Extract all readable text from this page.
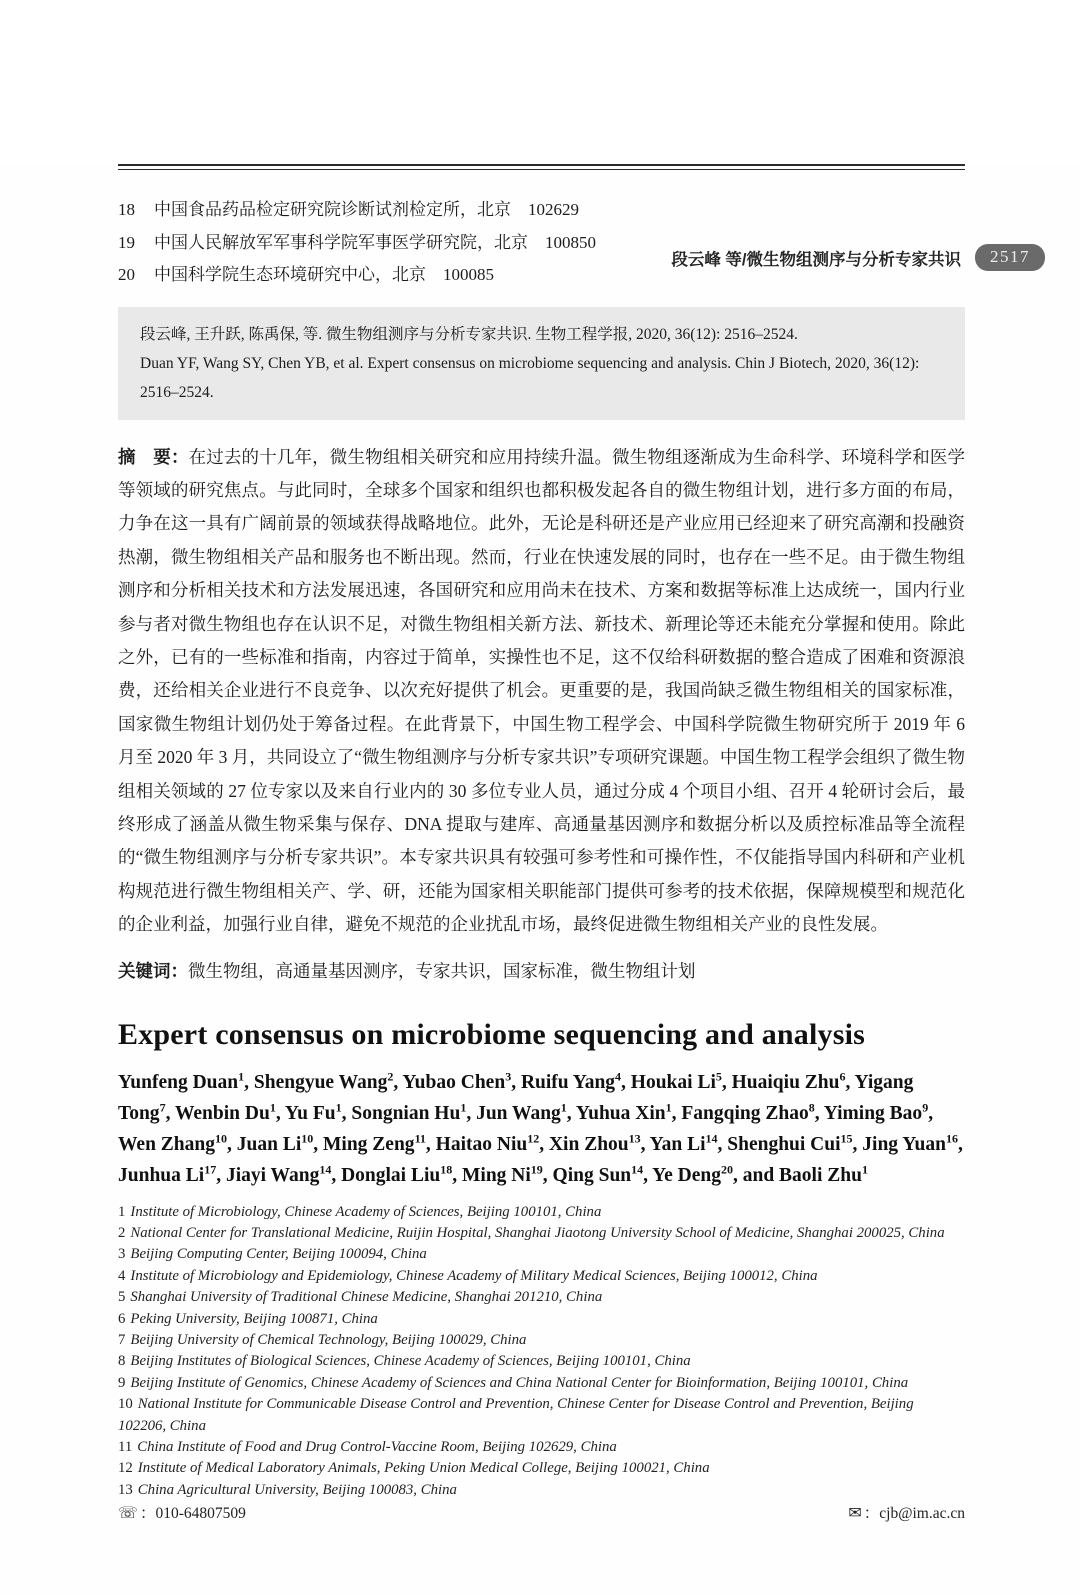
段云峰 等/微生物组测序与分析专家共识	2517
18 中国食品药品检定研究院诊断试剂检定所，北京　102629
19 中国人民解放军军事科学院军事医学研究院，北京　100850
20 中国科学院生态环境研究中心，北京　100085

段云峰, 王升跃, 陈禹保, 等. 微生物组测序与分析专家共识. 生物工程学报, 2020, 36(12): 2516–2524.

Duan YF, Wang SY, Chen YB, et al. Expert consensus on microbiome sequencing and analysis. Chin J Biotech, 2020, 36(12): 2516–2524.

摘　要：在过去的十几年，微生物组相关研究和应用持续升温。微生物组逐渐成为生命科学、环境科学和医学等领域的研究焦点。与此同时，全球多个国家和组织也都积极发起各自的微生物组计划，进行多方面的布局，力争在这一具有广阔前景的领域获得战略地位。此外，无论是科研还是产业应用已经迎来了研究高潮和投融资热潮，微生物组相关产品和服务也不断出现。然而，行业在快速发展的同时，也存在一些不足。由于微生物组测序和分析相关技术和方法发展迅速，各国研究和应用尚未在技术、方案和数据等标准上达成统一，国内行业参与者对微生物组也存在认识不足，对微生物组相关新方法、新技术、新理论等还未能充分掌握和使用。除此之外，已有的一些标准和指南，内容过于简单，实操性也不足，这不仅给科研数据的整合造成了困难和资源浪费，还给相关企业进行不良竞争、以次充好提供了机会。更重要的是，我国尚缺乏微生物组相关的国家标准，国家微生物组计划仍处于筹备过程。在此背景下，中国生物工程学会、中国科学院微生物研究所于 2019 年 6 月至 2020 年 3 月，共同设立了“微生物组测序与分析专家共识”专项研究课题。中国生物工程学会组织了微生物组相关领域的 27 位专家以及来自行业内的 30 多位专业人员，通过分成 4 个项目小组、召开 4 轮研讨会后，最终形成了涵盖从微生物采集与保存、DNA 提取与建库、高通量基因测序和数据分析以及质控标准品等全流程的“微生物组测序与分析专家共识”。本专家共识具有较强可参考性和可操作性，不仅能指导国内科研和产业机构规范进行微生物组相关产、学、研，还能为国家相关职能部门提供可参考的技术依据，保障规模型和规范化的企业利益，加强行业自律，避免不规范的企业扰乱市场，最终促进微生物组相关产业的良性发展。

关键词：微生物组，高通量基因测序，专家共识，国家标准，微生物组计划

Expert consensus on microbiome sequencing and analysis

Yunfeng Duan$^1$ , Shengyue Wang$^2$ , Yubao Chen$^3$ , Ruifu Yang$^4$ , Houkai Li$^5$ , Huaiqiu Zhu$^6$ , Yigang Tong$^7$ , Wenbin Du$^1$ , Yu Fu$^1$ , Songnian Hu$^1$ , Jun Wang$^1$ , Yuhua Xin$^1$ , Fangqing Zhao$^8$ , Yiming Bao$^9$ , Wen Zhang$^{10}$ , Juan Li$^{10}$ , Ming Zeng$^{11}$ , Haitao Niu$^{12}$ , Xin Zhou$^{13}$ , Yan Li$^{14}$ , Shenghui Cui$^{15}$ , Jing Yuan$^{16}$ , Junhua Li$^{17}$ , Jiayi Wang$^{14}$ , Donglai Liu$^{18}$ , Ming Ni$^{19}$ , Qing Sun$^{14}$ , Ye Deng$^{20}$ , and Baoli Zhu$^1$

1 Institute of Microbiology, Chinese Academy of Sciences, Beijing 100101, China
2 National Center for Translational Medicine, Ruijin Hospital, Shanghai Jiaotong University School of Medicine, Shanghai 200025, China
3 Beijing Computing Center, Beijing 100094, China
4 Institute of Microbiology and Epidemiology, Chinese Academy of Military Medical Sciences, Beijing 100012, China
5 Shanghai University of Traditional Chinese Medicine, Shanghai 201210, China
6 Peking University, Beijing 100871, China
7 Beijing University of Chemical Technology, Beijing 100029, China
8 Beijing Institutes of Biological Sciences, Chinese Academy of Sciences, Beijing 100101, China
9 Beijing Institute of Genomics, Chinese Academy of Sciences and China National Center for Bioinformation, Beijing 100101, China
10 National Institute for Communicable Disease Control and Prevention, Chinese Center for Disease Control and Prevention, Beijing 102206, China
11 China Institute of Food and Drug Control-Vaccine Room, Beijing 102629, China
12 Institute of Medical Laboratory Animals, Peking Union Medical College, Beijing 100021, China
13 China Agricultural University, Beijing 100083, China
☏ ：010-64807509	✉ ：cjb@im.ac.cn
